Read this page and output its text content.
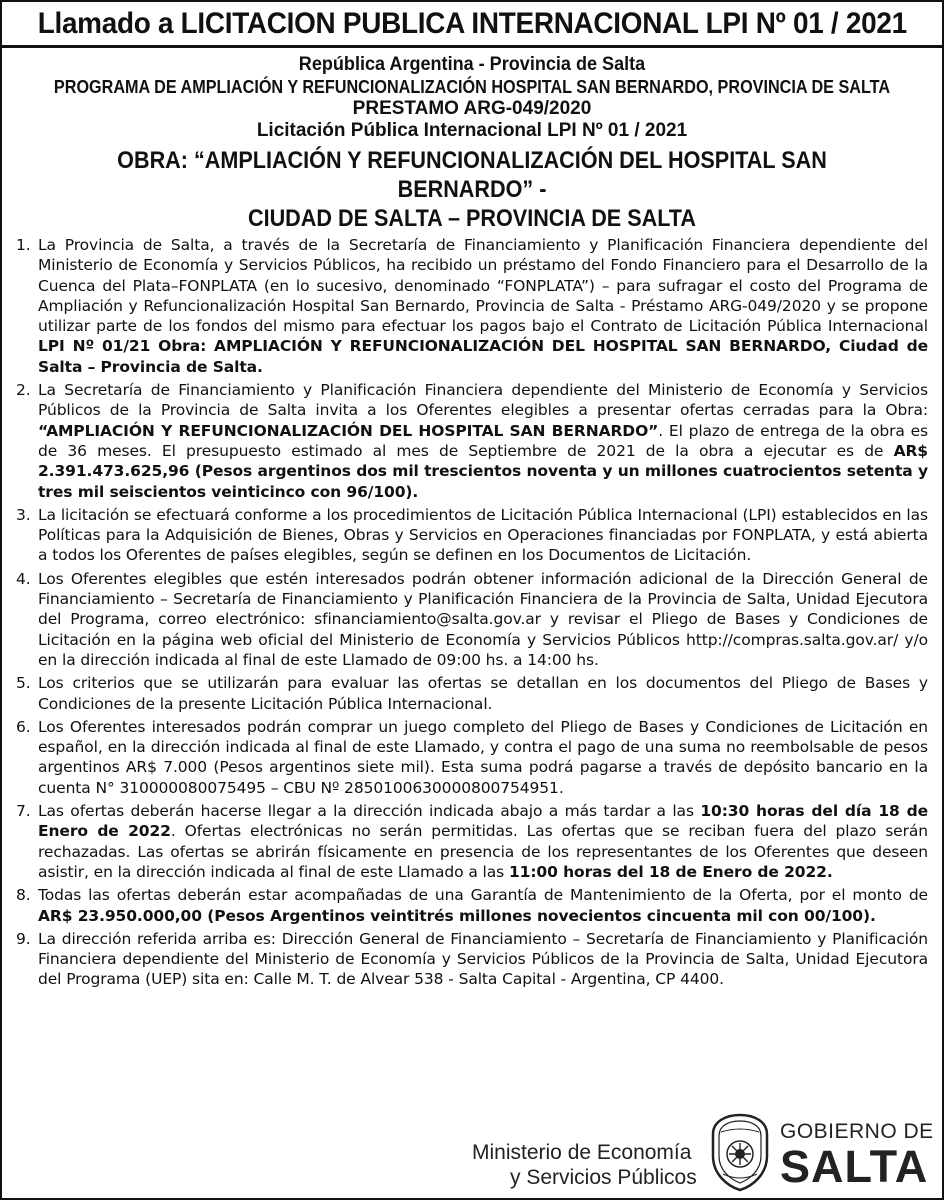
Llamado a LICITACION PUBLICA INTERNACIONAL LPI Nº 01 / 2021
República Argentina - Provincia de Salta
PROGRAMA DE AMPLIACIÓN Y REFUNCIONALIZACIÓN HOSPITAL SAN BERNARDO, PROVINCIA DE SALTA
PRESTAMO ARG-049/2020
Licitación Pública Internacional LPI Nº 01 / 2021
OBRA: “AMPLIACIÓN Y REFUNCIONALIZACIÓN DEL HOSPITAL SAN BERNARDO” -
CIUDAD DE SALTA – PROVINCIA DE SALTA
1. La Provincia de Salta, a través de la Secretaría de Financiamiento y Planificación Financiera dependiente del Ministerio de Economía y Servicios Públicos, ha recibido un préstamo del Fondo Financiero para el Desarrollo de la Cuenca del Plata–FONPLATA (en lo sucesivo, denominado “FONPLATA”) – para sufragar el costo del Programa de Ampliación y Refuncionalización Hospital San Bernardo, Provincia de Salta - Préstamo ARG-049/2020 y se propone utilizar parte de los fondos del mismo para efectuar los pagos bajo el Contrato de Licitación Pública Internacional LPI Nº 01/21 Obra: AMPLIACIÓN Y REFUNCIONALIZACIÓN DEL HOSPITAL SAN BERNARDO, Ciudad de Salta – Provincia de Salta.
2. La Secretaría de Financiamiento y Planificación Financiera dependiente del Ministerio de Economía y Servicios Públicos de la Provincia de Salta invita a los Oferentes elegibles a presentar ofertas cerradas para la Obra: “AMPLIACIÓN Y REFUNCIONALIZACIÓN DEL HOSPITAL SAN BERNARDO”. El plazo de entrega de la obra es de 36 meses. El presupuesto estimado al mes de Septiembre de 2021 de la obra a ejecutar es de AR$ 2.391.473.625,96 (Pesos argentinos dos mil trescientos noventa y un millones cuatrocientos setenta y tres mil seiscientos veinticinco con 96/100).
3. La licitación se efectuará conforme a los procedimientos de Licitación Pública Internacional (LPI) establecidos en las Políticas para la Adquisición de Bienes, Obras y Servicios en Operaciones financiadas por FONPLATA, y está abierta a todos los Oferentes de países elegibles, según se definen en los Documentos de Licitación.
4. Los Oferentes elegibles que estén interesados podrán obtener información adicional de la Dirección General de Financiamiento – Secretaría de Financiamiento y Planificación Financiera de la Provincia de Salta, Unidad Ejecutora del Programa, correo electrónico: sfinanciamiento@salta.gov.ar y revisar el Pliego de Bases y Condiciones de Licitación en la página web oficial del Ministerio de Economía y Servicios Públicos http://compras.salta.gov.ar/ y/o en la dirección indicada al final de este Llamado de 09:00 hs. a 14:00 hs.
5. Los criterios que se utilizarán para evaluar las ofertas se detallan en los documentos del Pliego de Bases y Condiciones de la presente Licitación Pública Internacional.
6. Los Oferentes interesados podrán comprar un juego completo del Pliego de Bases y Condiciones de Licitación en español, en la dirección indicada al final de este Llamado, y contra el pago de una suma no reembolsable de pesos argentinos AR$ 7.000 (Pesos argentinos siete mil). Esta suma podrá pagarse a través de depósito bancario en la cuenta N° 310000080075495 – CBU Nº 2850100630000800754951.
7. Las ofertas deberán hacerse llegar a la dirección indicada abajo a más tardar a las 10:30 horas del día 18 de Enero de 2022. Ofertas electrónicas no serán permitidas. Las ofertas que se reciban fuera del plazo serán rechazadas. Las ofertas se abrirán físicamente en presencia de los representantes de los Oferentes que deseen asistir, en la dirección indicada al final de este Llamado a las 11:00 horas del 18 de Enero de 2022.
8. Todas las ofertas deberán estar acompañadas de una Garantía de Mantenimiento de la Oferta, por el monto de AR$ 23.950.000,00 (Pesos Argentinos veintitrés millones novecientos cincuenta mil con 00/100).
9. La dirección referida arriba es: Dirección General de Financiamiento – Secretaría de Financiamiento y Planificación Financiera dependiente del Ministerio de Economía y Servicios Públicos de la Provincia de Salta, Unidad Ejecutora del Programa (UEP) sita en: Calle M. T. de Alvear 538 - Salta Capital - Argentina, CP 4400.
Ministerio de Economía
y Servicios Públicos
GOBIERNO DE
SALTA
